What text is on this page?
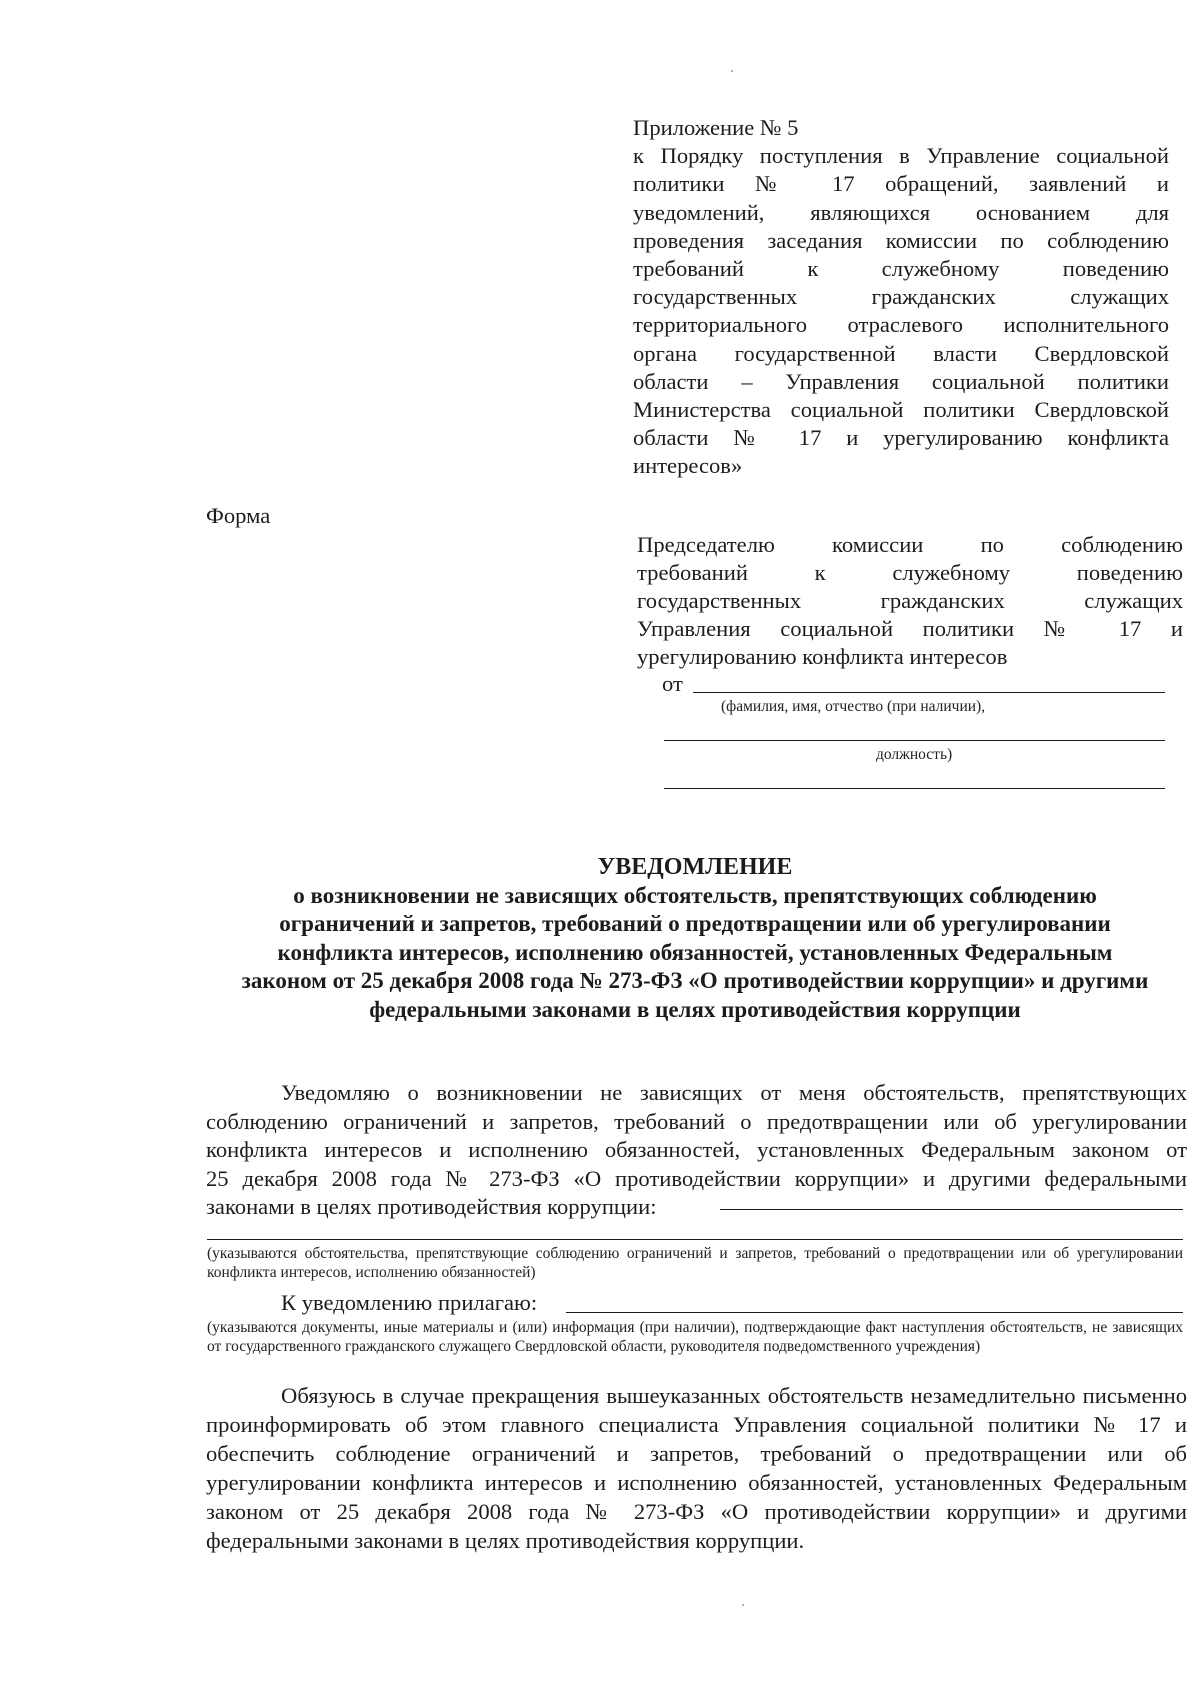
Приложение № 5
к Порядку поступления в Управление социальной
политики № 17 обращений, заявлений и
уведомлений, являющихся основанием для
проведения заседания комиссии по соблюдению
требований к служебному поведению
государственных гражданских служащих
территориального отраслевого исполнительного
органа государственной власти Свердловской
области – Управления социальной политики
Министерства социальной политики Свердловской
области № 17 и урегулированию конфликта
интересов»
Форма
Председателю комиссии по соблюдению
требований к служебному поведению
государственных гражданских служащих
Управления социальной политики № 17 и
урегулированию конфликта интересов
от
(фамилия, имя, отчество (при наличии),
должность)
УВЕДОМЛЕНИЕ
о возникновении не зависящих обстоятельств, препятствующих соблюдению
ограничений и запретов, требований о предотвращении или об урегулировании
конфликта интересов, исполнению обязанностей, установленных Федеральным
законом от 25 декабря 2008 года № 273-ФЗ «О противодействии коррупции» и другими
федеральными законами в целях противодействия коррупции
Уведомляю о возникновении не зависящих от меня обстоятельств, препятствующих
соблюдению ограничений и запретов, требований о предотвращении или об урегулировании
конфликта интересов и исполнению обязанностей, установленных Федеральным законом от
25 декабря 2008 года № 273-ФЗ «О противодействии коррупции» и другими федеральными
законами в целях противодействия коррупции:
(указываются обстоятельства, препятствующие соблюдению ограничений и запретов, требований о предотвращении или об урегулировании конфликта интересов, исполнению обязанностей)
К уведомлению прилагаю:
(указываются документы, иные материалы и (или) информация (при наличии), подтверждающие факт наступления обстоятельств, не зависящих от государственного гражданского служащего Свердловской области, руководителя подведомственного учреждения)
Обязуюсь в случае прекращения вышеуказанных обстоятельств незамедлительно письменно проинформировать об этом главного специалиста Управления социальной политики № 17 и обеспечить соблюдение ограничений и запретов, требований о предотвращении или об урегулировании конфликта интересов и исполнению обязанностей, установленных Федеральным законом от 25 декабря 2008 года № 273-ФЗ «О противодействии коррупции» и другими федеральными законами в целях противодействия коррупции.
